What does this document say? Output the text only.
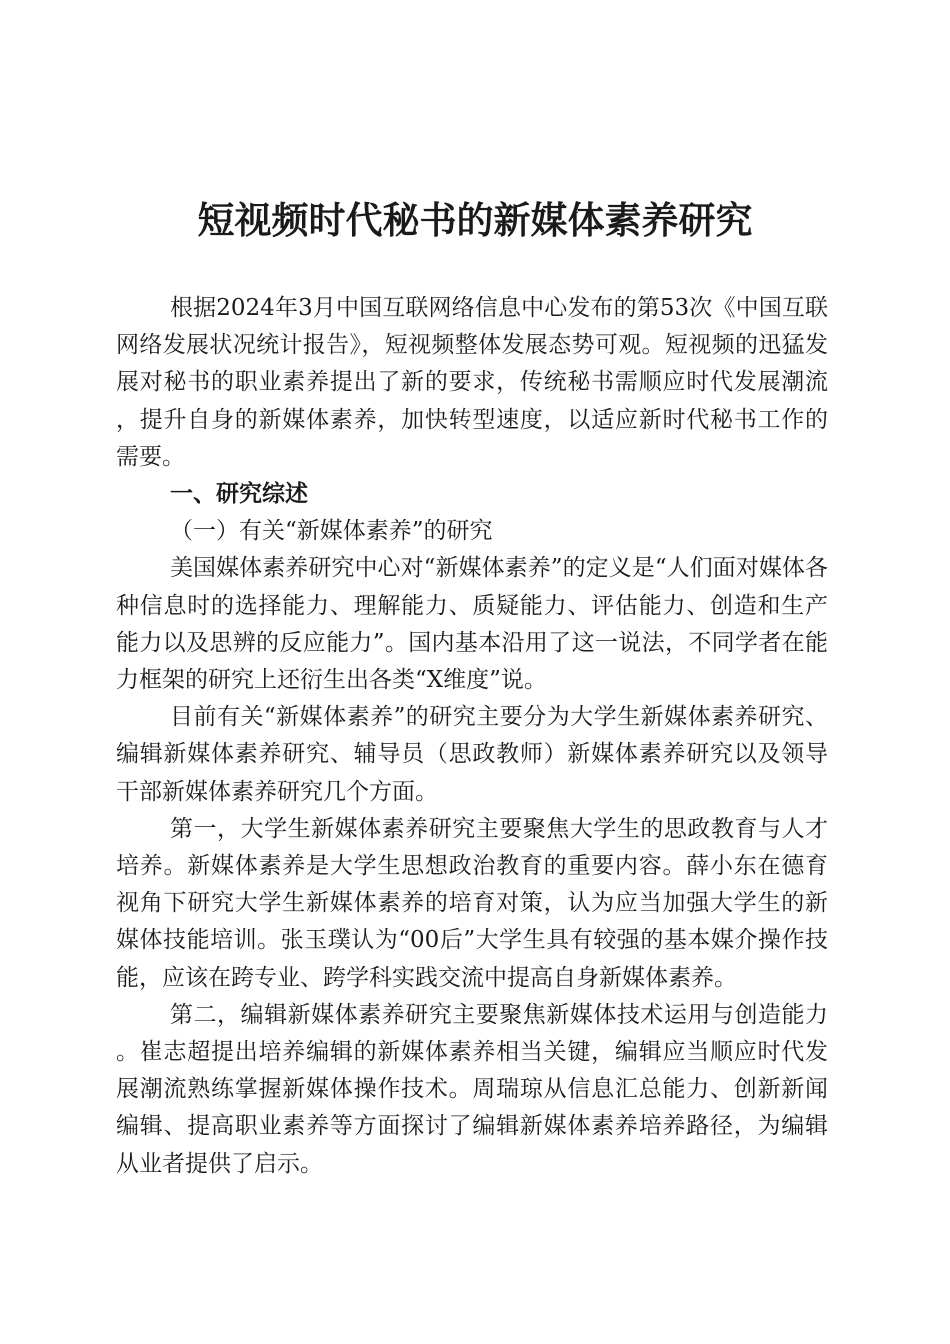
短视频时代秘书的新媒体素养研究

根据2024年3月中国互联网络信息中心发布的第53次《中国互联网络发展状况统计报告》，短视频整体发展态势可观。短视频的迅猛发展对秘书的职业素养提出了新的要求，传统秘书需顺应时代发展潮流，提升自身的新媒体素养，加快转型速度，以适应新时代秘书工作的需要。

一、研究综述

（一）有关“新媒体素养”的研究

美国媒体素养研究中心对“新媒体素养”的定义是“人们面对媒体各种信息时的选择能力、理解能力、质疑能力、评估能力、创造和生产能力以及思辨的反应能力”。国内基本沿用了这一说法，不同学者在能力框架的研究上还衍生出各类“X维度”说。

目前有关“新媒体素养”的研究主要分为大学生新媒体素养研究、编辑新媒体素养研究、辅导员（思政教师）新媒体素养研究以及领导干部新媒体素养研究几个方面。

第一，大学生新媒体素养研究主要聚焦大学生的思政教育与人才培养。新媒体素养是大学生思想政治教育的重要内容。薛小东在德育视角下研究大学生新媒体素养的培育对策，认为应当加强大学生的新媒体技能培训。张玉璞认为“00后”大学生具有较强的基本媒介操作技能，应该在跨专业、跨学科实践交流中提高自身新媒体素养。

第二，编辑新媒体素养研究主要聚焦新媒体技术运用与创造能力。崔志超提出培养编辑的新媒体素养相当关键，编辑应当顺应时代发展潮流熟练掌握新媒体操作技术。周瑞琼从信息汇总能力、创新新闻编辑、提高职业素养等方面探讨了编辑新媒体素养培养路径，为编辑从业者提供了启示。
